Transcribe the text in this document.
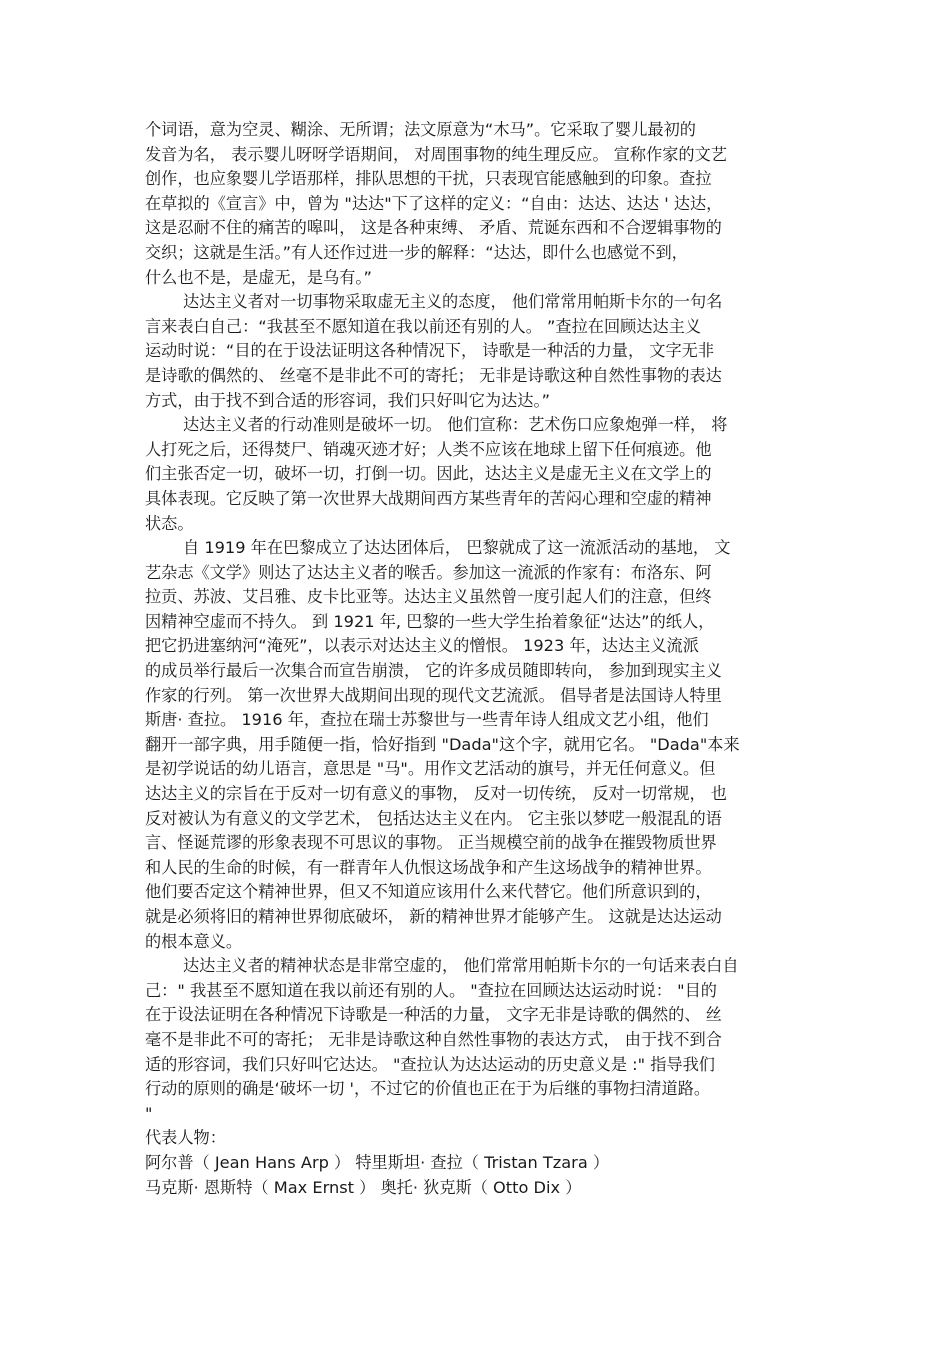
个词语，意为空灵、糊涂、无所谓；法文原意为“木马”。它采取了婴儿最初的
发音为名， 表示婴儿呀呀学语期间， 对周围事物的纯生理反应。 宣称作家的文艺
创作，也应象婴儿学语那样，排队思想的干扰，只表现官能感触到的印象。查拉
在草拟的《宣言》中，曾为 "达达"下了这样的定义：“自由：达达、达达 ' 达达，
这是忍耐不住的痛苦的嗥叫， 这是各种束缚、 矛盾、荒诞东西和不合逻辑事物的
交织；这就是生活。”有人还作过进一步的解释：“达达，即什么也感觉不到，
什么也不是，是虚无，是乌有。”
达达主义者对一切事物采取虚无主义的态度， 他们常常用帕斯卡尔的一句名
言来表白自己：“我甚至不愿知道在我以前还有别的人。 ”查拉在回顾达达主义
运动时说：“目的在于设法证明这各种情况下， 诗歌是一种活的力量， 文字无非
是诗歌的偶然的、 丝毫不是非此不可的寄托； 无非是诗歌这种自然性事物的表达
方式，由于找不到合适的形容词，我们只好叫它为达达。”
达达主义者的行动准则是破坏一切。 他们宣称：艺术伤口应象炮弹一样， 将
人打死之后，还得焚尸、销魂灭迹才好；人类不应该在地球上留下任何痕迹。他
们主张否定一切，破坏一切，打倒一切。因此，达达主义是虚无主义在文学上的
具体表现。它反映了第一次世界大战期间西方某些青年的苦闷心理和空虚的精神
状态。
自 1919 年在巴黎成立了达达团体后， 巴黎就成了这一流派活动的基地， 文
艺杂志《文学》则达了达达主义者的喉舌。参加这一流派的作家有：布洛东、阿
拉贡、苏波、艾吕雅、皮卡比亚等。达达主义虽然曾一度引起人们的注意，但终
因精神空虚而不持久。 到 1921 年, 巴黎的一些大学生抬着象征“达达”的纸人，
把它扔进塞纳河“淹死”，以表示对达达主义的憎恨。 1923 年，达达主义流派
的成员举行最后一次集合而宣告崩溃， 它的许多成员随即转向， 参加到现实主义
作家的行列。 第一次世界大战期间出现的现代文艺流派。 倡导者是法国诗人特里
斯唐· 查拉。 1916 年，查拉在瑞士苏黎世与一些青年诗人组成文艺小组，他们
翻开一部字典，用手随便一指，恰好指到 "Dada"这个字，就用它名。 "Dada"本来
是初学说话的幼儿语言，意思是 "马"。用作文艺活动的旗号，并无任何意义。但
达达主义的宗旨在于反对一切有意义的事物， 反对一切传统， 反对一切常规， 也
反对被认为有意义的文学艺术， 包括达达主义在内。 它主张以梦呓一般混乱的语
言、怪诞荒谬的形象表现不可思议的事物。 正当规模空前的战争在摧毁物质世界
和人民的生命的时候，有一群青年人仇恨这场战争和产生这场战争的精神世界。
他们要否定这个精神世界，但又不知道应该用什么来代替它。他们所意识到的，
就是必须将旧的精神世界彻底破坏， 新的精神世界才能够产生。 这就是达达运动
的根本意义。
达达主义者的精神状态是非常空虚的， 他们常常用帕斯卡尔的一句话来表白自
己：" 我甚至不愿知道在我以前还有别的人。 "查拉在回顾达达运动时说： "目的
在于设法证明在各种情况下诗歌是一种活的力量， 文字无非是诗歌的偶然的、 丝
毫不是非此不可的寄托； 无非是诗歌这种自然性事物的表达方式， 由于找不到合
适的形容词，我们只好叫它达达。 "查拉认为达达运动的历史意义是 :" 指导我们
行动的原则的确是‘破坏一切 '，不过它的价值也正在于为后继的事物扫清道路。
"
代表人物：
阿尔普（ Jean Hans Arp ） 特里斯坦· 查拉（ Tristan Tzara ）
马克斯· 恩斯特（ Max Ernst ） 奥托· 狄克斯（ Otto Dix ）
